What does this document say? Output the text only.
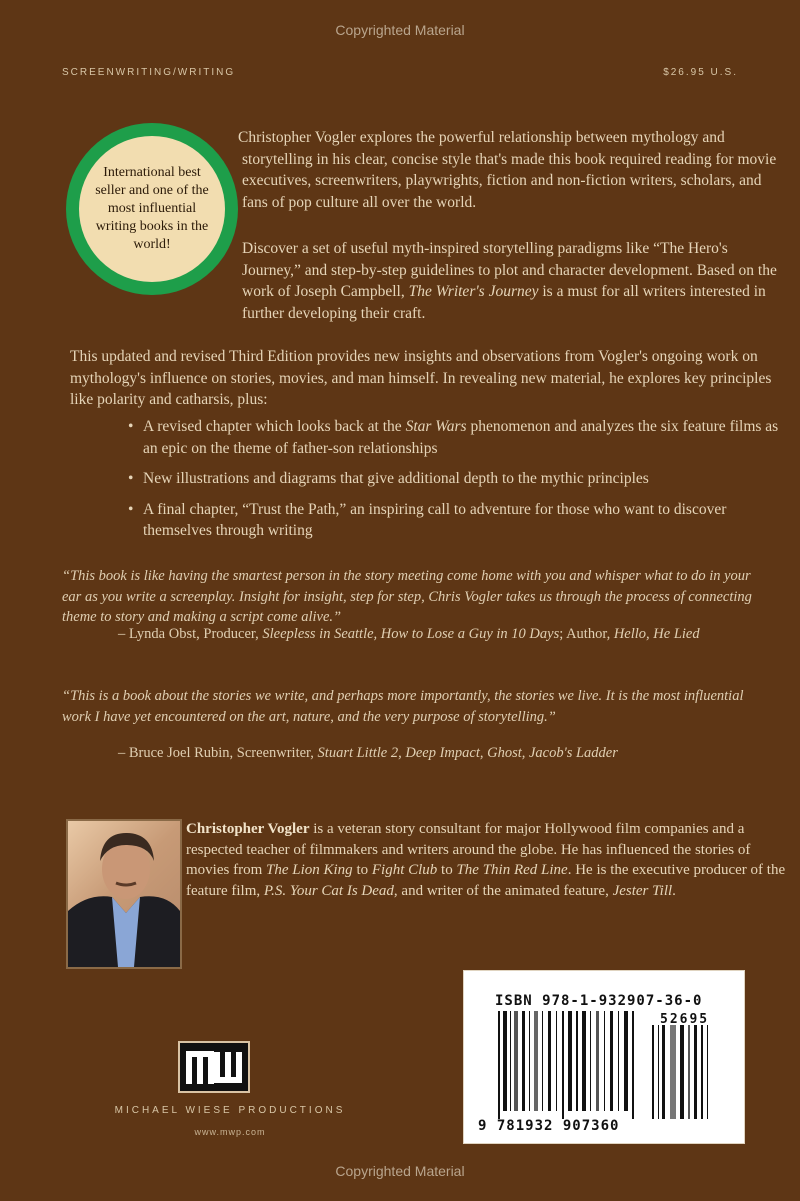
Copyrighted Material
SCREENWRITING/WRITING	$26.95 U.S.
International best seller and one of the most influential writing books in the world!

Christopher Vogler explores the powerful relationship between mythology and storytelling in his clear, concise style that's made this book required reading for movie executives, screenwriters, playwrights, fiction and non-fiction writers, scholars, and fans of pop culture all over the world.

Discover a set of useful myth-inspired storytelling paradigms like “The Hero's Journey,” and step-by-step guidelines to plot and character development. Based on the work of Joseph Campbell, The Writer's Journey is a must for all writers interested in further developing their craft.

This updated and revised Third Edition provides new insights and observations from Vogler's ongoing work on mythology's influence on stories, movies, and man himself. In revealing new material, he explores key principles like polarity and catharsis, plus:

• A revised chapter which looks back at the Star Wars phenomenon and analyzes the six feature films as an epic on the theme of father-son relationships
• New illustrations and diagrams that give additional depth to the mythic principles
• A final chapter, “Trust the Path,” an inspiring call to adventure for those who want to discover themselves through writing

“This book is like having the smartest person in the story meeting come home with you and whisper what to do in your ear as you write a screenplay. Insight for insight, step for step, Chris Vogler takes us through the process of connecting theme to story and making a script come alive.”

– Lynda Obst, Producer, Sleepless in Seattle, How to Lose a Guy in 10 Days; Author, Hello, He Lied

“This is a book about the stories we write, and perhaps more importantly, the stories we live. It is the most influential work I have yet encountered on the art, nature, and the very purpose of storytelling.”

– Bruce Joel Rubin, Screenwriter, Stuart Little 2, Deep Impact, Ghost, Jacob's Ladder

Christopher Vogler is a veteran story consultant for major Hollywood film companies and a respected teacher of filmmakers and writers around the globe. He has influenced the stories of movies from The Lion King to Fight Club to The Thin Red Line. He is the executive producer of the feature film, P.S. Your Cat Is Dead, and writer of the animated feature, Jester Till.

ISBN 978-1-932907-36-0
52695
9 781932 907360
MICHAEL WIESE PRODUCTIONS
www.mwp.com
Copyrighted Material
